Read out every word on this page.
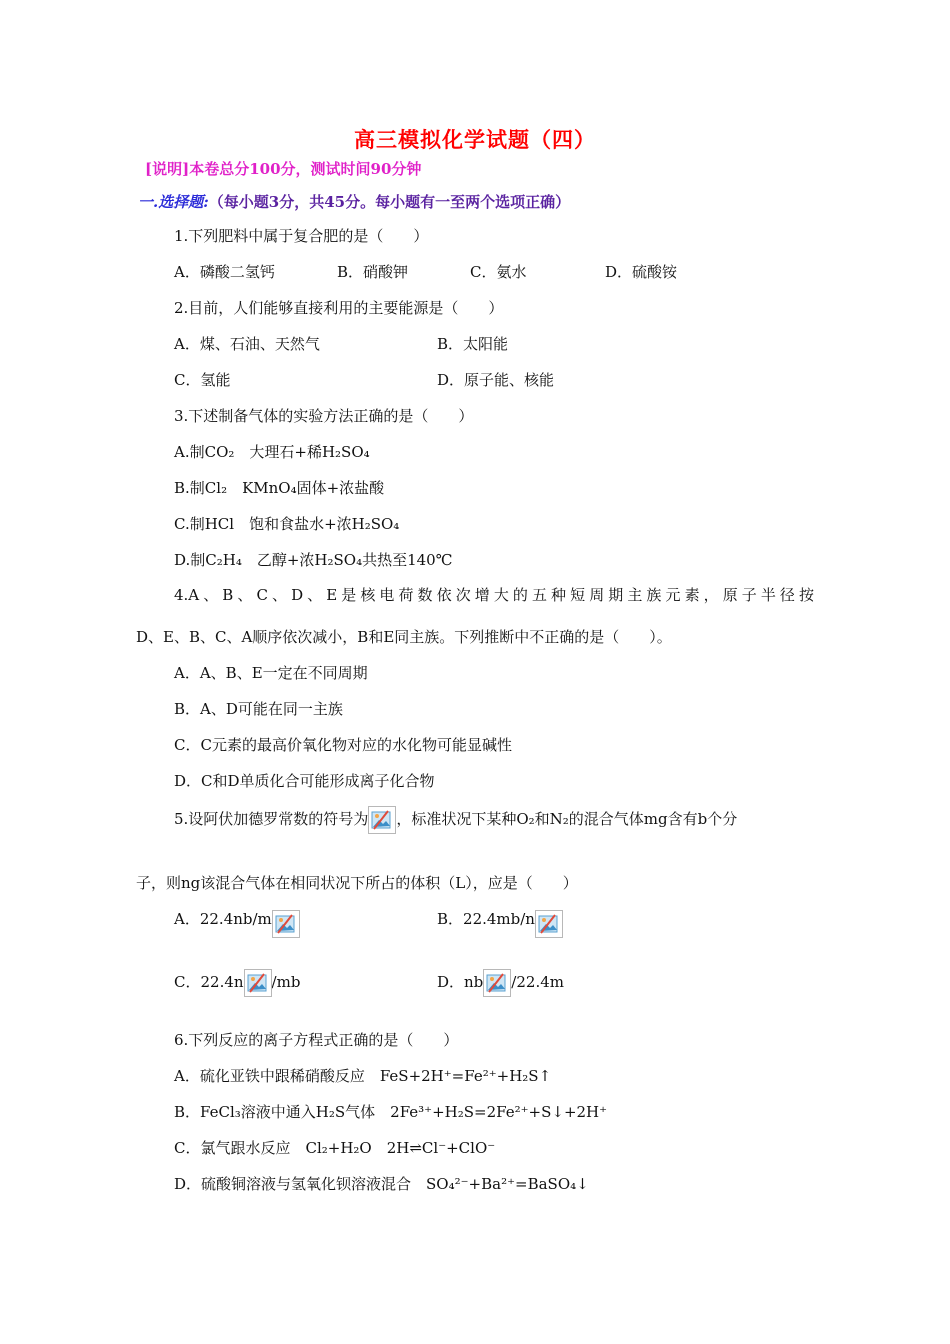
高三模拟化学试题（四）
[说明]本卷总分100分，测试时间90分钟
一.选择题:（每小题3分，共45分。每小题有一至两个选项正确）
1.下列肥料中属于复合肥的是（　　）
A．磷酸二氢钙	B．硝酸钾	C．氨水	D．硫酸铵
2.目前，人们能够直接利用的主要能源是（　　）
A．煤、石油、天然气	B．太阳能
C．氢能	D．原子能、核能
3.下述制备气体的实验方法正确的是（　　）
A.制CO₂　大理石+稀H₂SO₄
B.制Cl₂　KMnO₄固体+浓盐酸
C.制HCl　饱和食盐水+浓H₂SO₄
D.制C₂H₄　乙醇+浓H₂SO₄共热至140℃
4.A、B、C、D、E是核电荷数依次增大的五种短周期主族元素，原子半径按
D、E、B、C、A顺序依次减小，B和E同主族。下列推断中不正确的是（　　）。
A．A、B、E一定在不同周期
B．A、D可能在同一主族
C．C元素的最高价氧化物对应的水化物可能显碱性
D．C和D单质化合可能形成离子化合物
5.设阿伏加德罗常数的符号为 ，标准状况下某种O₂和N₂的混合气体mg含有b个分
子，则ng该混合气体在相同状况下所占的体积（L），应是（　　）
A．22.4nb/m	B．22.4mb/n
C．22.4n /mb	D．nb /22.4m
6.下列反应的离子方程式正确的是（　　）
A．硫化亚铁中跟稀硝酸反应　FeS+2H⁺=Fe²⁺+H₂S↑
B．FeCl₃溶液中通入H₂S气体　2Fe³⁺+H₂S=2Fe²⁺+S↓+2H⁺
C．氯气跟水反应　Cl₂+H₂O　2H⇌Cl⁻+ClO⁻
D．硫酸铜溶液与氢氧化钡溶液混合　SO₄²⁻+Ba²⁺=BaSO₄↓
